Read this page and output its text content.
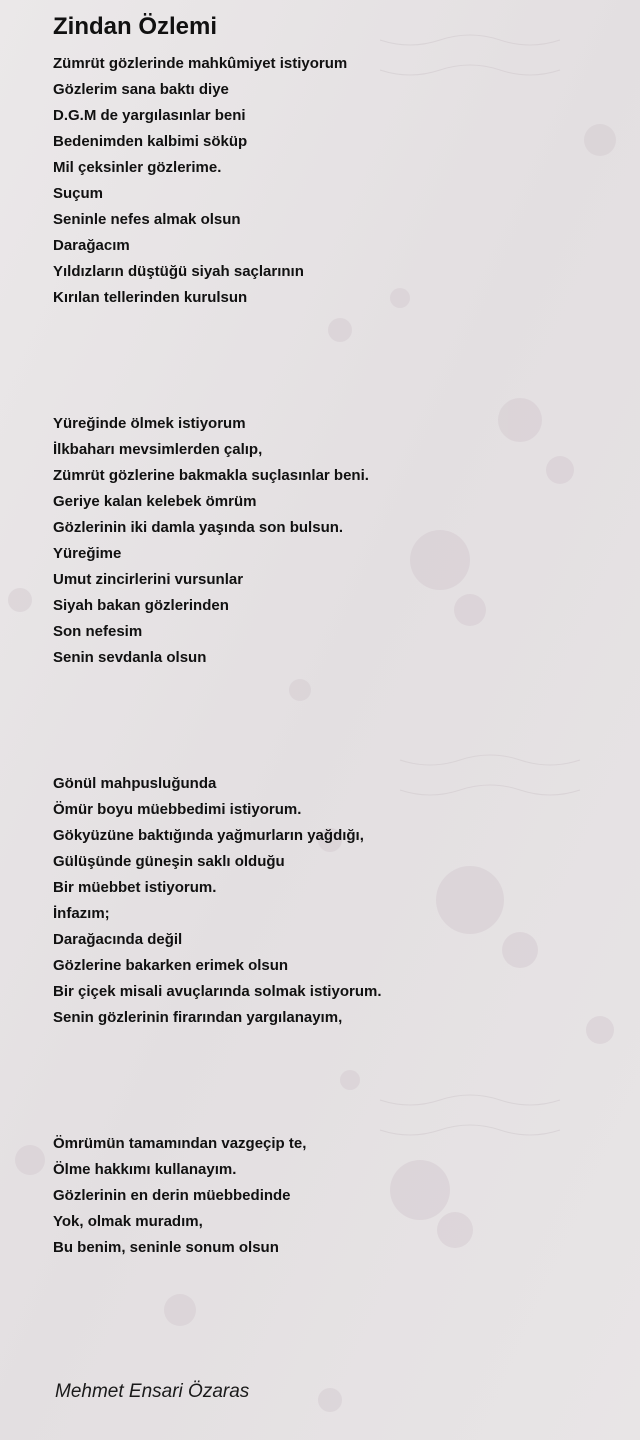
Zindan Özlemi
Zümrüt gözlerinde mahkûmiyet istiyorum
Gözlerim sana baktı diye
D.G.M de yargılasınlar beni
Bedenimden kalbimi söküp
Mil çeksinler gözlerime.
Suçum
Seninle nefes almak olsun
Darağacım
Yıldızların düştüğü siyah saçlarının
Kırılan tellerinden kurulsun
Yüreğinde ölmek istiyorum
İlkbaharı mevsimlerden çalıp,
Zümrüt gözlerine bakmakla suçlasınlar beni.
Geriye kalan kelebek ömrüm
Gözlerinin iki damla yaşında son bulsun.
Yüreğime
Umut zincirlerini vursunlar
Siyah bakan gözlerinden
Son nefesim
Senin sevdanla olsun
Gönül mahpusluğunda
Ömür boyu müebbedimi istiyorum.
Gökyüzüne baktığında yağmurların yağdığı,
Gülüşünde güneşin saklı olduğu
Bir müebbet istiyorum.
İnfazım;
Darağacında değil
Gözlerine bakarken erimek olsun
Bir çiçek misali avuçlarında solmak istiyorum.
Senin gözlerinin firarından yargılanayım,
Ömrümün tamamından vazgeçip te,
Ölme hakkımı kullanayım.
Gözlerinin en derin müebbedinde
Yok, olmak muradım,
Bu benim, seninle sonum olsun

Mehmet Ensari Özaras
